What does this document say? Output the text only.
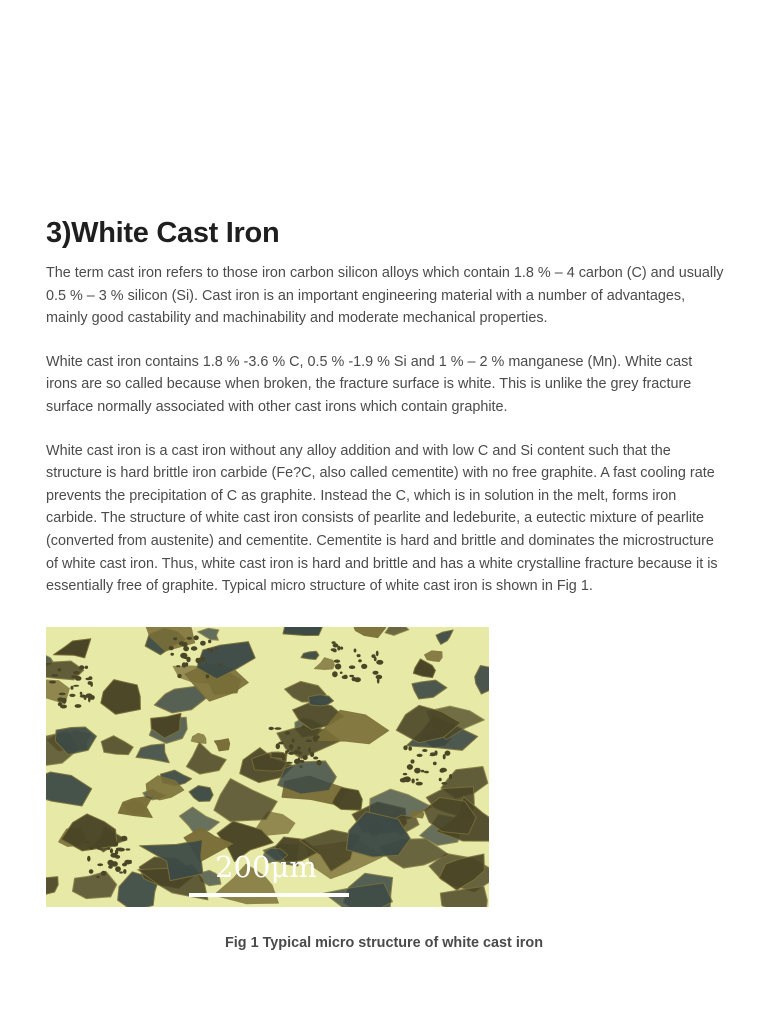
3)White Cast Iron

The term cast iron refers to those iron carbon silicon alloys which contain 1.8 % – 4 carbon (C) and usually 0.5 % – 3 % silicon (Si). Cast iron is an important engineering material with a number of advantages, mainly good castability and machinability and moderate mechanical properties.

White cast iron contains 1.8 % -3.6 % C, 0.5 % -1.9 % Si and 1 % – 2 % manganese (Mn). White cast irons are so called because when broken, the fracture surface is white. This is unlike the grey fracture surface normally associated with other cast irons which contain graphite.

White cast iron is a cast iron without any alloy addition and with low C and Si content such that the structure is hard brittle iron carbide (Fe?C, also called cementite) with no free graphite. A fast cooling rate prevents the precipitation of C as graphite. Instead the C, which is in solution in the melt, forms iron carbide. The structure of white cast iron consists of pearlite and ledeburite, a eutectic mixture of pearlite (converted from austenite) and cementite. Cementite is hard and brittle and dominates the microstructure of white cast iron. Thus, white cast iron is hard and brittle and has a white crystalline fracture because it is essentially free of graphite. Typical micro structure of white cast iron is shown in Fig 1.

200μm
Fig 1 Typical micro structure of white cast iron
